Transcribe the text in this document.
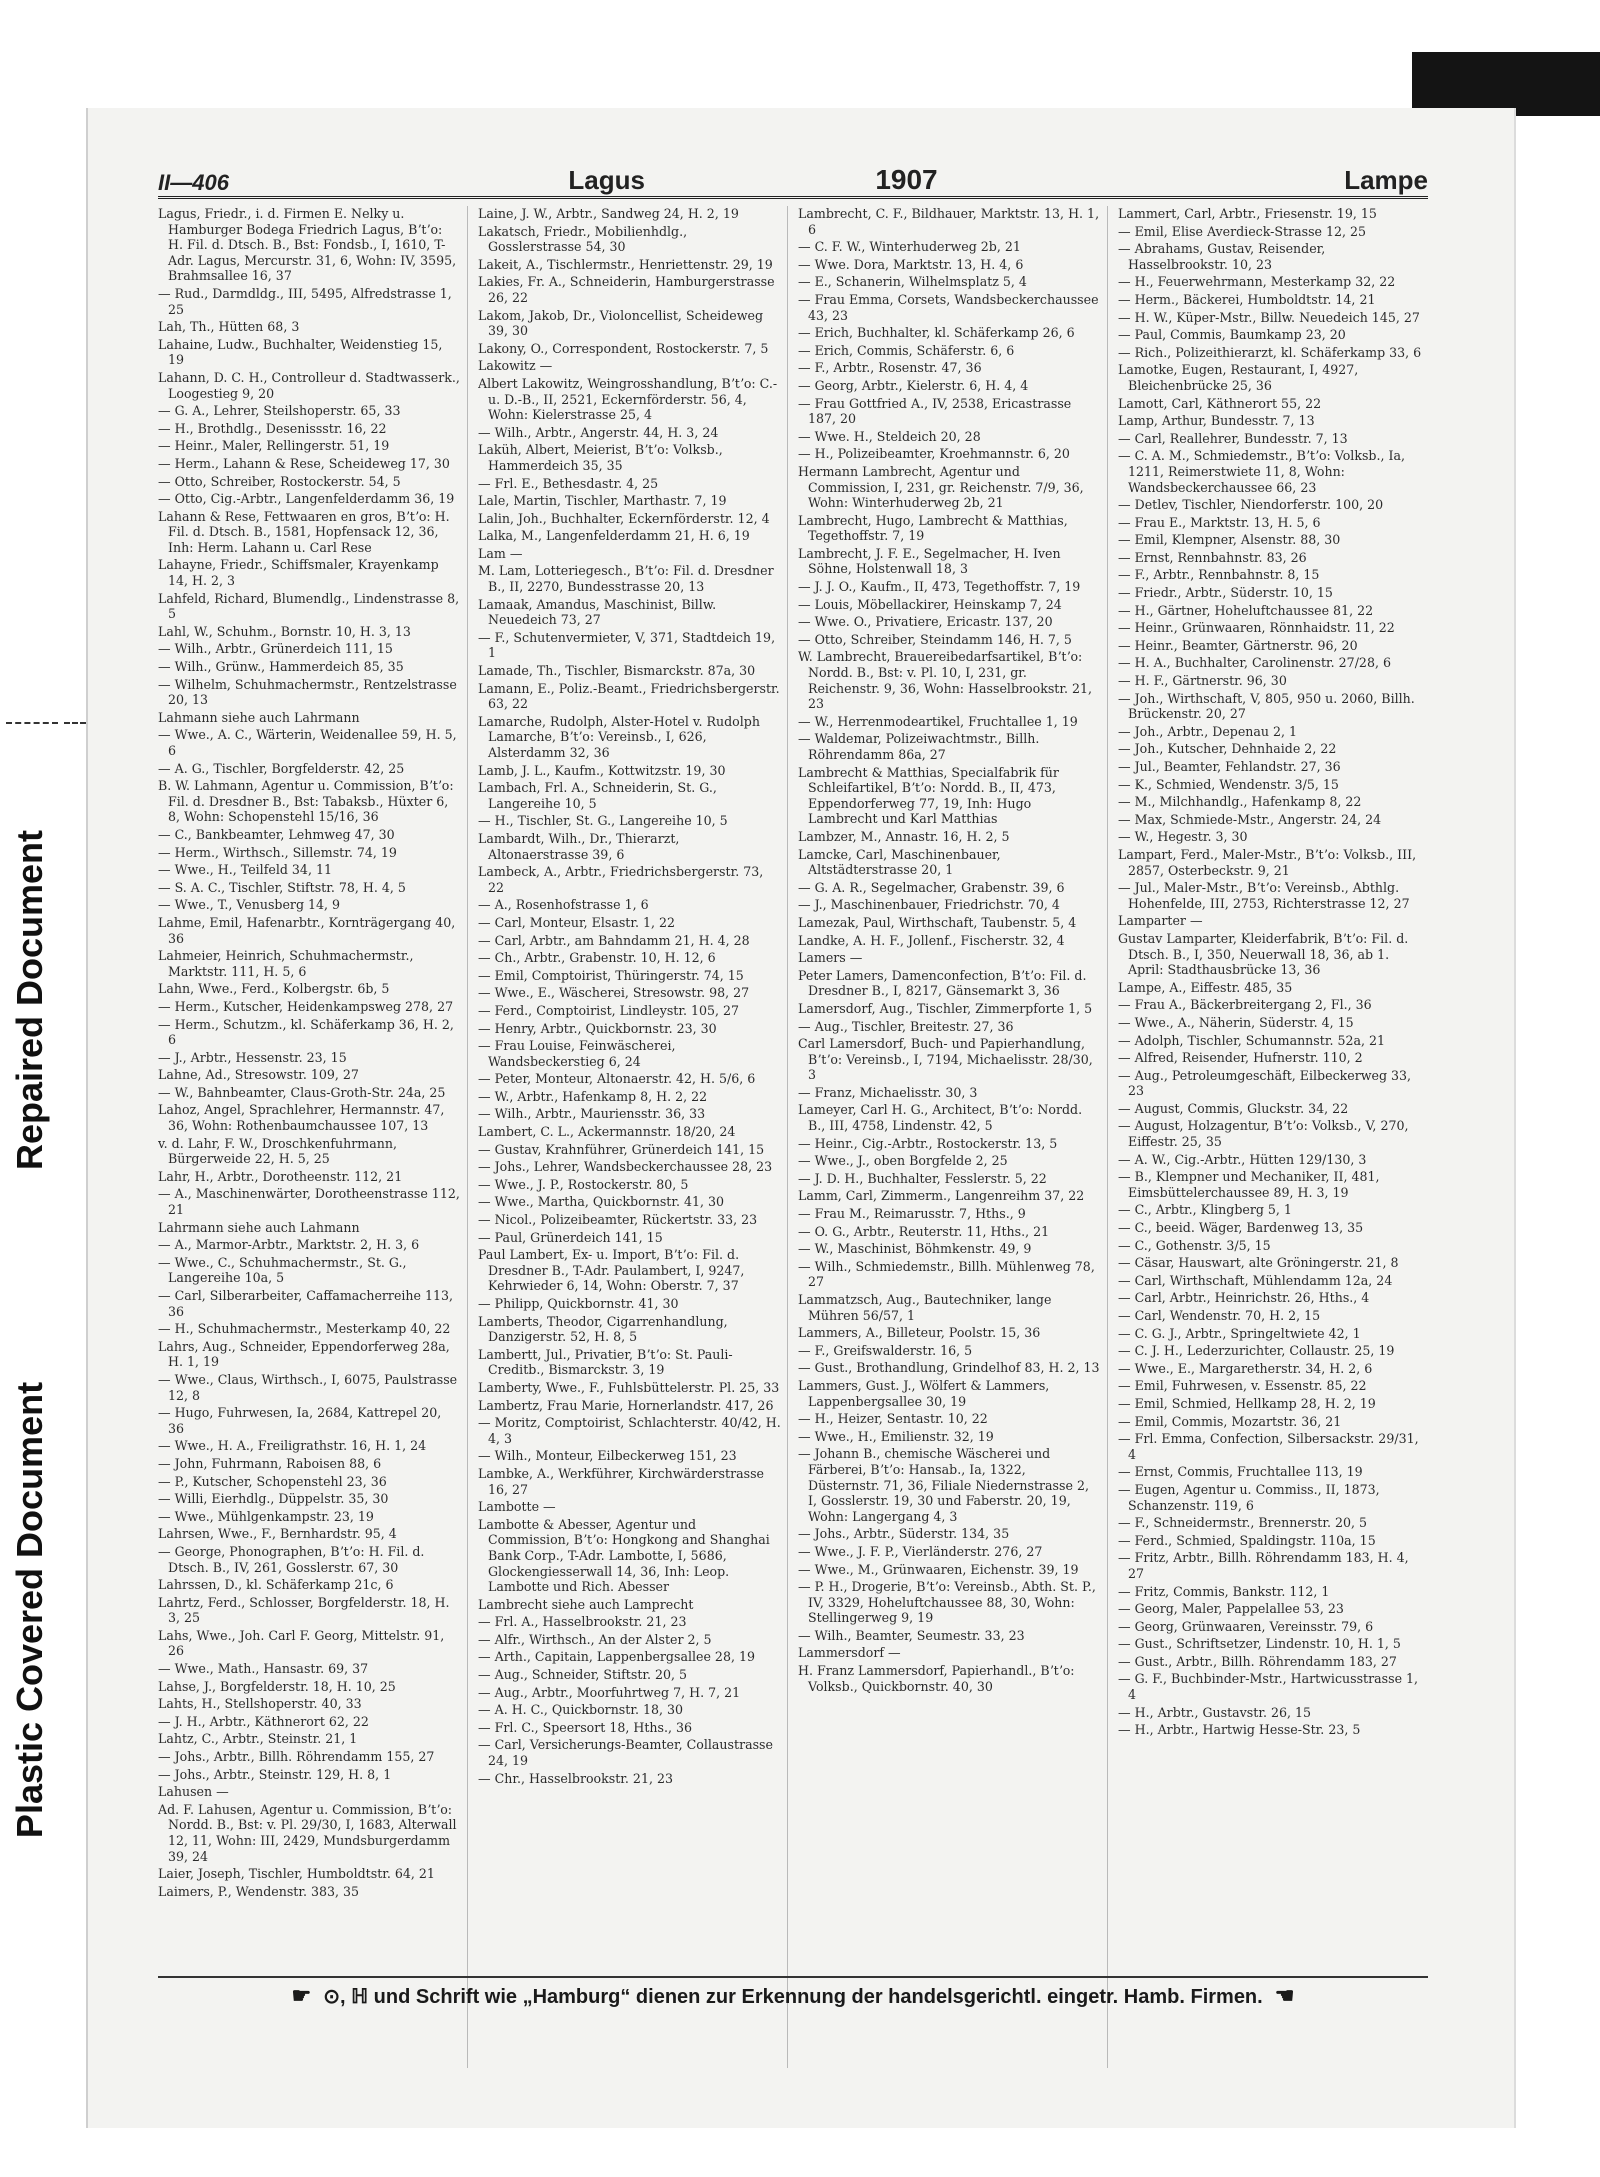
Repaired Document
Plastic Covered Document
II—406	Lagus	1907	Lampe
Lagus, Friedr., i. d. Firmen E. Nelky u. Hamburger Bodega Friedrich Lagus, Bʼtʼo: H. Fil. d. Dtsch. B., Bst: Fondsb., I, 1610, T-Adr. Lagus, Mercurstr. 31, 6, Wohn: IV, 3595, Brahmsallee 16, 37
— Rud., Darmdldg., III, 5495, Alfredstrasse 1, 25
Lah, Th., Hütten 68, 3
Lahaine, Ludw., Buchhalter, Weidenstieg 15, 19
Lahann, D. C. H., Controlleur d. Stadtwasserk., Loogestieg 9, 20
— G. A., Lehrer, Steilshoperstr. 65, 33
— H., Brothdlg., Desenissstr. 16, 22
— Heinr., Maler, Rellingerstr. 51, 19
— Herm., Lahann & Rese, Scheideweg 17, 30
— Otto, Schreiber, Rostockerstr. 54, 5
— Otto, Cig.-Arbtr., Langenfelderdamm 36, 19
Lahann & Rese, Fettwaaren en gros, Bʼtʼo: H. Fil. d. Dtsch. B., 1581, Hopfensack 12, 36, Inh: Herm. Lahann u. Carl Rese
Lahayne, Friedr., Schiffsmaler, Krayenkamp 14, H. 2, 3
Lahfeld, Richard, Blumendlg., Lindenstrasse 8, 5
Lahl, W., Schuhm., Bornstr. 10, H. 3, 13
— Wilh., Arbtr., Grünerdeich 111, 15
— Wilh., Grünw., Hammerdeich 85, 35
— Wilhelm, Schuhmachermstr., Rentzelstrasse 20, 13
Lahmann siehe auch Lahrmann
— Wwe., A. C., Wärterin, Weidenallee 59, H. 5, 6
— A. G., Tischler, Borgfelderstr. 42, 25
B. W. Lahmann, Agentur u. Commission, Bʼtʼo: Fil. d. Dresdner B., Bst: Tabaksb., Hüxter 6, 8, Wohn: Schopenstehl 15/16, 36
— C., Bankbeamter, Lehmweg 47, 30
— Herm., Wirthsch., Sillemstr. 74, 19
— Wwe., H., Teilfeld 34, 11
— S. A. C., Tischler, Stiftstr. 78, H. 4, 5
— Wwe., T., Venusberg 14, 9
Lahme, Emil, Hafenarbtr., Kornträgergang 40, 36
Lahmeier, Heinrich, Schuhmachermstr., Marktstr. 111, H. 5, 6
Lahn, Wwe., Ferd., Kolbergstr. 6b, 5
— Herm., Kutscher, Heidenkampsweg 278, 27
— Herm., Schutzm., kl. Schäferkamp 36, H. 2, 6
— J., Arbtr., Hessenstr. 23, 15
Lahne, Ad., Stresowstr. 109, 27
— W., Bahnbeamter, Claus-Groth-Str. 24a, 25
Lahoz, Angel, Sprachlehrer, Hermannstr. 47, 36, Wohn: Rothenbaumchaussee 107, 13
v. d. Lahr, F. W., Droschkenfuhrmann, Bürgerweide 22, H. 5, 25
Lahr, H., Arbtr., Dorotheenstr. 112, 21
— A., Maschinenwärter, Dorotheenstrasse 112, 21
Lahrmann siehe auch Lahmann
— A., Marmor-Arbtr., Marktstr. 2, H. 3, 6
— Wwe., C., Schuhmachermstr., St. G., Langereihe 10a, 5
— Carl, Silberarbeiter, Caffamacherreihe 113, 36
— H., Schuhmachermstr., Mesterkamp 40, 22
Lahrs, Aug., Schneider, Eppendorferweg 28a, H. 1, 19
— Wwe., Claus, Wirthsch., I, 6075, Paulstrasse 12, 8
— Hugo, Fuhrwesen, Ia, 2684, Kattrepel 20, 36
— Wwe., H. A., Freiligrathstr. 16, H. 1, 24
— John, Fuhrmann, Raboisen 88, 6
— P., Kutscher, Schopenstehl 23, 36
— Willi, Eierhdlg., Düppelstr. 35, 30
— Wwe., Mühlgenkampstr. 23, 19
Lahrsen, Wwe., F., Bernhardstr. 95, 4
— George, Phonographen, Bʼtʼo: H. Fil. d. Dtsch. B., IV, 261, Gosslerstr. 67, 30
Lahrssen, D., kl. Schäferkamp 21c, 6
Lahrtz, Ferd., Schlosser, Borgfelderstr. 18, H. 3, 25
Lahs, Wwe., Joh. Carl F. Georg, Mittelstr. 91, 26
— Wwe., Math., Hansastr. 69, 37
Lahse, J., Borgfelderstr. 18, H. 10, 25
Lahts, H., Stellshoperstr. 40, 33
— J. H., Arbtr., Käthnerort 62, 22
Lahtz, C., Arbtr., Steinstr. 21, 1
— Johs., Arbtr., Billh. Röhrendamm 155, 27
— Johs., Arbtr., Steinstr. 129, H. 8, 1
Lahusen —
Ad. F. Lahusen, Agentur u. Commission, Bʼtʼo: Nordd. B., Bst: v. Pl. 29/30, I, 1683, Alterwall 12, 11, Wohn: III, 2429, Mundsburgerdamm 39, 24
Laier, Joseph, Tischler, Humboldtstr. 64, 21
Laimers, P., Wendenstr. 383, 35
Laine, J. W., Arbtr., Sandweg 24, H. 2, 19
Lakatsch, Friedr., Mobilienhdlg., Gosslerstrasse 54, 30
Lakeit, A., Tischlermstr., Henriettenstr. 29, 19
Lakies, Fr. A., Schneiderin, Hamburgerstrasse 26, 22
Lakom, Jakob, Dr., Violoncellist, Scheideweg 39, 30
Lakony, O., Correspondent, Rostockerstr. 7, 5
Lakowitz —
Albert Lakowitz, Weingrosshandlung, Bʼtʼo: C.- u. D.-B., II, 2521, Eckernförderstr. 56, 4, Wohn: Kielerstrasse 25, 4
— Wilh., Arbtr., Angerstr. 44, H. 3, 24
Laküh, Albert, Meierist, Bʼtʼo: Volksb., Hammerdeich 35, 35
— Frl. E., Bethesdastr. 4, 25
Lale, Martin, Tischler, Marthastr. 7, 19
Lalin, Joh., Buchhalter, Eckernförderstr. 12, 4
Lalka, M., Langenfelderdamm 21, H. 6, 19
Lam —
M. Lam, Lotteriegesch., Bʼtʼo: Fil. d. Dresdner B., II, 2270, Bundesstrasse 20, 13
Lamaak, Amandus, Maschinist, Billw. Neuedeich 73, 27
— F., Schutenvermieter, V, 371, Stadtdeich 19, 1
Lamade, Th., Tischler, Bismarckstr. 87a, 30
Lamann, E., Poliz.-Beamt., Friedrichsbergerstr. 63, 22
Lamarche, Rudolph, Alster-Hotel v. Rudolph Lamarche, Bʼtʼo: Vereinsb., I, 626, Alsterdamm 32, 36
Lamb, J. L., Kaufm., Kottwitzstr. 19, 30
Lambach, Frl. A., Schneiderin, St. G., Langereihe 10, 5
— H., Tischler, St. G., Langereihe 10, 5
Lambardt, Wilh., Dr., Thierarzt, Altonaerstrasse 39, 6
Lambeck, A., Arbtr., Friedrichsbergerstr. 73, 22
— A., Rosenhofstrasse 1, 6
— Carl, Monteur, Elsastr. 1, 22
— Carl, Arbtr., am Bahndamm 21, H. 4, 28
— Ch., Arbtr., Grabenstr. 10, H. 12, 6
— Emil, Comptoirist, Thüringerstr. 74, 15
— Wwe., E., Wäscherei, Stresowstr. 98, 27
— Ferd., Comptoirist, Lindleystr. 105, 27
— Henry, Arbtr., Quickbornstr. 23, 30
— Frau Louise, Feinwäscherei, Wandsbeckerstieg 6, 24
— Peter, Monteur, Altonaerstr. 42, H. 5/6, 6
— W., Arbtr., Hafenkamp 8, H. 2, 22
— Wilh., Arbtr., Mauriensstr. 36, 33
Lambert, C. L., Ackermannstr. 18/20, 24
— Gustav, Krahnführer, Grünerdeich 141, 15
— Johs., Lehrer, Wandsbeckerchaussee 28, 23
— Wwe., J. P., Rostockerstr. 80, 5
— Wwe., Martha, Quickbornstr. 41, 30
— Nicol., Polizeibeamter, Rückertstr. 33, 23
— Paul, Grünerdeich 141, 15
Paul Lambert, Ex- u. Import, Bʼtʼo: Fil. d. Dresdner B., T-Adr. Paulambert, I, 9247, Kehrwieder 6, 14, Wohn: Oberstr. 7, 37
— Philipp, Quickbornstr. 41, 30
Lamberts, Theodor, Cigarrenhandlung, Danzigerstr. 52, H. 8, 5
Lambertt, Jul., Privatier, Bʼtʼo: St. Pauli-Creditb., Bismarckstr. 3, 19
Lamberty, Wwe., F., Fuhlsbüttelerstr. Pl. 25, 33
Lambertz, Frau Marie, Hornerlandstr. 417, 26
— Moritz, Comptoirist, Schlachterstr. 40/42, H. 4, 3
— Wilh., Monteur, Eilbeckerweg 151, 23
Lambke, A., Werkführer, Kirchwärderstrasse 16, 27
Lambotte —
Lambotte & Abesser, Agentur und Commission, Bʼtʼo: Hongkong and Shanghai Bank Corp., T-Adr. Lambotte, I, 5686, Glockengiesserwall 14, 36, Inh: Leop. Lambotte und Rich. Abesser
Lambrecht siehe auch Lamprecht
— Frl. A., Hasselbrookstr. 21, 23
— Alfr., Wirthsch., An der Alster 2, 5
— Arth., Capitain, Lappenbergsallee 28, 19
— Aug., Schneider, Stiftstr. 20, 5
— Aug., Arbtr., Moorfuhrtweg 7, H. 7, 21
— A. H. C., Quickbornstr. 18, 30
— Frl. C., Speersort 18, Hths., 36
— Carl, Versicherungs-Beamter, Collaustrasse 24, 19
— Chr., Hasselbrookstr. 21, 23
Lambrecht, C. F., Bildhauer, Marktstr. 13, H. 1, 6
— C. F. W., Winterhuderweg 2b, 21
— Wwe. Dora, Marktstr. 13, H. 4, 6
— E., Schanerin, Wilhelmsplatz 5, 4
— Frau Emma, Corsets, Wandsbeckerchaussee 43, 23
— Erich, Buchhalter, kl. Schäferkamp 26, 6
— Erich, Commis, Schäferstr. 6, 6
— F., Arbtr., Rosenstr. 47, 36
— Georg, Arbtr., Kielerstr. 6, H. 4, 4
— Frau Gottfried A., IV, 2538, Ericastrasse 187, 20
— Wwe. H., Steldeich 20, 28
— H., Polizeibeamter, Kroehmannstr. 6, 20
Hermann Lambrecht, Agentur und Commission, I, 231, gr. Reichenstr. 7/9, 36, Wohn: Winterhuderweg 2b, 21
Lambrecht, Hugo, Lambrecht & Matthias, Tegethoffstr. 7, 19
Lambrecht, J. F. E., Segelmacher, H. Iven Söhne, Holstenwall 18, 3
— J. J. O., Kaufm., II, 473, Tegethoffstr. 7, 19
— Louis, Möbellackirer, Heinskamp 7, 24
— Wwe. O., Privatiere, Ericastr. 137, 20
— Otto, Schreiber, Steindamm 146, H. 7, 5
W. Lambrecht, Brauereibedarfsartikel, Bʼtʼo: Nordd. B., Bst: v. Pl. 10, I, 231, gr. Reichenstr. 9, 36, Wohn: Hasselbrookstr. 21, 23
— W., Herrenmodeartikel, Fruchtallee 1, 19
— Waldemar, Polizeiwachtmstr., Billh. Röhrendamm 86a, 27
Lambrecht & Matthias, Specialfabrik für Schleifartikel, Bʼtʼo: Nordd. B., II, 473, Eppendorferweg 77, 19, Inh: Hugo Lambrecht und Karl Matthias
Lambzer, M., Annastr. 16, H. 2, 5
Lamcke, Carl, Maschinenbauer, Altstädterstrasse 20, 1
— G. A. R., Segelmacher, Grabenstr. 39, 6
— J., Maschinenbauer, Friedrichstr. 70, 4
Lamezak, Paul, Wirthschaft, Taubenstr. 5, 4
Landke, A. H. F., Jollenf., Fischerstr. 32, 4
Lamers —
Peter Lamers, Damenconfection, Bʼtʼo: Fil. d. Dresdner B., I, 8217, Gänsemarkt 3, 36
Lamersdorf, Aug., Tischler, Zimmerpforte 1, 5
— Aug., Tischler, Breitestr. 27, 36
Carl Lamersdorf, Buch- und Papierhandlung, Bʼtʼo: Vereinsb., I, 7194, Michaelisstr. 28/30, 3
— Franz, Michaelisstr. 30, 3
Lameyer, Carl H. G., Architect, Bʼtʼo: Nordd. B., III, 4758, Lindenstr. 42, 5
— Heinr., Cig.-Arbtr., Rostockerstr. 13, 5
— Wwe., J., oben Borgfelde 2, 25
— J. D. H., Buchhalter, Fesslerstr. 5, 22
Lamm, Carl, Zimmerm., Langenreihm 37, 22
— Frau M., Reimarusstr. 7, Hths., 9
— O. G., Arbtr., Reuterstr. 11, Hths., 21
— W., Maschinist, Böhmkenstr. 49, 9
— Wilh., Schmiedemstr., Billh. Mühlenweg 78, 27
Lammatzsch, Aug., Bautechniker, lange Mühren 56/57, 1
Lammers, A., Billeteur, Poolstr. 15, 36
— F., Greifswalderstr. 16, 5
— Gust., Brothandlung, Grindelhof 83, H. 2, 13
Lammers, Gust. J., Wölfert & Lammers, Lappenbergsallee 30, 19
— H., Heizer, Sentastr. 10, 22
— Wwe., H., Emilienstr. 32, 19
— Johann B., chemische Wäscherei und Färberei, Bʼtʼo: Hansab., Ia, 1322, Düsternstr. 71, 36, Filiale Niedernstrasse 2, I, Gosslerstr. 19, 30 und Faberstr. 20, 19, Wohn: Langergang 4, 3
— Johs., Arbtr., Süderstr. 134, 35
— Wwe., J. F. P., Vierländerstr. 276, 27
— Wwe., M., Grünwaaren, Eichenstr. 39, 19
— P. H., Drogerie, Bʼtʼo: Vereinsb., Abth. St. P., IV, 3329, Hoheluftchaussee 88, 30, Wohn: Stellingerweg 9, 19
— Wilh., Beamter, Seumestr. 33, 23
Lammersdorf —
H. Franz Lammersdorf, Papierhandl., Bʼtʼo: Volksb., Quickbornstr. 40, 30
Lammert, Carl, Arbtr., Friesenstr. 19, 15
— Emil, Elise Averdieck-Strasse 12, 25
— Abrahams, Gustav, Reisender, Hasselbrookstr. 10, 23
— H., Feuerwehrmann, Mesterkamp 32, 22
— Herm., Bäckerei, Humboldtstr. 14, 21
— H. W., Küper-Mstr., Billw. Neuedeich 145, 27
— Paul, Commis, Baumkamp 23, 20
— Rich., Polizeithierarzt, kl. Schäferkamp 33, 6
Lamotke, Eugen, Restaurant, I, 4927, Bleichenbrücke 25, 36
Lamott, Carl, Käthnerort 55, 22
Lamp, Arthur, Bundesstr. 7, 13
— Carl, Reallehrer, Bundesstr. 7, 13
— C. A. M., Schmiedemstr., Bʼtʼo: Volksb., Ia, 1211, Reimerstwiete 11, 8, Wohn: Wandsbeckerchaussee 66, 23
— Detlev, Tischler, Niendorferstr. 100, 20
— Frau E., Marktstr. 13, H. 5, 6
— Emil, Klempner, Alsenstr. 88, 30
— Ernst, Rennbahnstr. 83, 26
— F., Arbtr., Rennbahnstr. 8, 15
— Friedr., Arbtr., Süderstr. 10, 15
— H., Gärtner, Hoheluftchaussee 81, 22
— Heinr., Grünwaaren, Rönnhaidstr. 11, 22
— Heinr., Beamter, Gärtnerstr. 96, 20
— H. A., Buchhalter, Carolinenstr. 27/28, 6
— H. F., Gärtnerstr. 96, 30
— Joh., Wirthschaft, V, 805, 950 u. 2060, Billh. Brückenstr. 20, 27
— Joh., Arbtr., Depenau 2, 1
— Joh., Kutscher, Dehnhaide 2, 22
— Jul., Beamter, Fehlandstr. 27, 36
— K., Schmied, Wendenstr. 3/5, 15
— M., Milchhandlg., Hafenkamp 8, 22
— Max, Schmiede-Mstr., Angerstr. 24, 24
— W., Hegestr. 3, 30
Lampart, Ferd., Maler-Mstr., Bʼtʼo: Volksb., III, 2857, Osterbeckstr. 9, 21
— Jul., Maler-Mstr., Bʼtʼo: Vereinsb., Abthlg. Hohenfelde, III, 2753, Richterstrasse 12, 27
Lamparter —
Gustav Lamparter, Kleiderfabrik, Bʼtʼo: Fil. d. Dtsch. B., I, 350, Neuerwall 18, 36, ab 1. April: Stadthausbrücke 13, 36
Lampe, A., Eiffestr. 485, 35
— Frau A., Bäckerbreitergang 2, Fl., 36
— Wwe., A., Näherin, Süderstr. 4, 15
— Adolph, Tischler, Schumannstr. 52a, 21
— Alfred, Reisender, Hufnerstr. 110, 2
— Aug., Petroleumgeschäft, Eilbeckerweg 33, 23
— August, Commis, Gluckstr. 34, 22
— August, Holzagentur, Bʼtʼo: Volksb., V, 270, Eiffestr. 25, 35
— A. W., Cig.-Arbtr., Hütten 129/130, 3
— B., Klempner und Mechaniker, II, 481, Eimsbüttelerchaussee 89, H. 3, 19
— C., Arbtr., Klingberg 5, 1
— C., beeid. Wäger, Bardenweg 13, 35
— C., Gothenstr. 3/5, 15
— Cäsar, Hauswart, alte Gröningerstr. 21, 8
— Carl, Wirthschaft, Mühlendamm 12a, 24
— Carl, Arbtr., Heinrichstr. 26, Hths., 4
— Carl, Wendenstr. 70, H. 2, 15
— C. G. J., Arbtr., Springeltwiete 42, 1
— C. J. H., Lederzurichter, Collaustr. 25, 19
— Wwe., E., Margaretherstr. 34, H. 2, 6
— Emil, Fuhrwesen, v. Essenstr. 85, 22
— Emil, Schmied, Hellkamp 28, H. 2, 19
— Emil, Commis, Mozartstr. 36, 21
— Frl. Emma, Confection, Silbersackstr. 29/31, 4
— Ernst, Commis, Fruchtallee 113, 19
— Eugen, Agentur u. Commiss., II, 1873, Schanzenstr. 119, 6
— F., Schneidermstr., Brennerstr. 20, 5
— Ferd., Schmied, Spaldingstr. 110a, 15
— Fritz, Arbtr., Billh. Röhrendamm 183, H. 4, 27
— Fritz, Commis, Bankstr. 112, 1
— Georg, Maler, Pappelallee 53, 23
— Georg, Grünwaaren, Vereinsstr. 79, 6
— Gust., Schriftsetzer, Lindenstr. 10, H. 1, 5
— Gust., Arbtr., Billh. Röhrendamm 183, 27
— G. F., Buchbinder-Mstr., Hartwicusstrasse 1, 4
— H., Arbtr., Gustavstr. 26, 15
— H., Arbtr., Hartwig Hesse-Str. 23, 5
☛ ⊙, ℍ und Schrift wie „Hamburg“ dienen zur Erkennung der handelsgerichtl. eingetr. Hamb. Firmen. ☚
